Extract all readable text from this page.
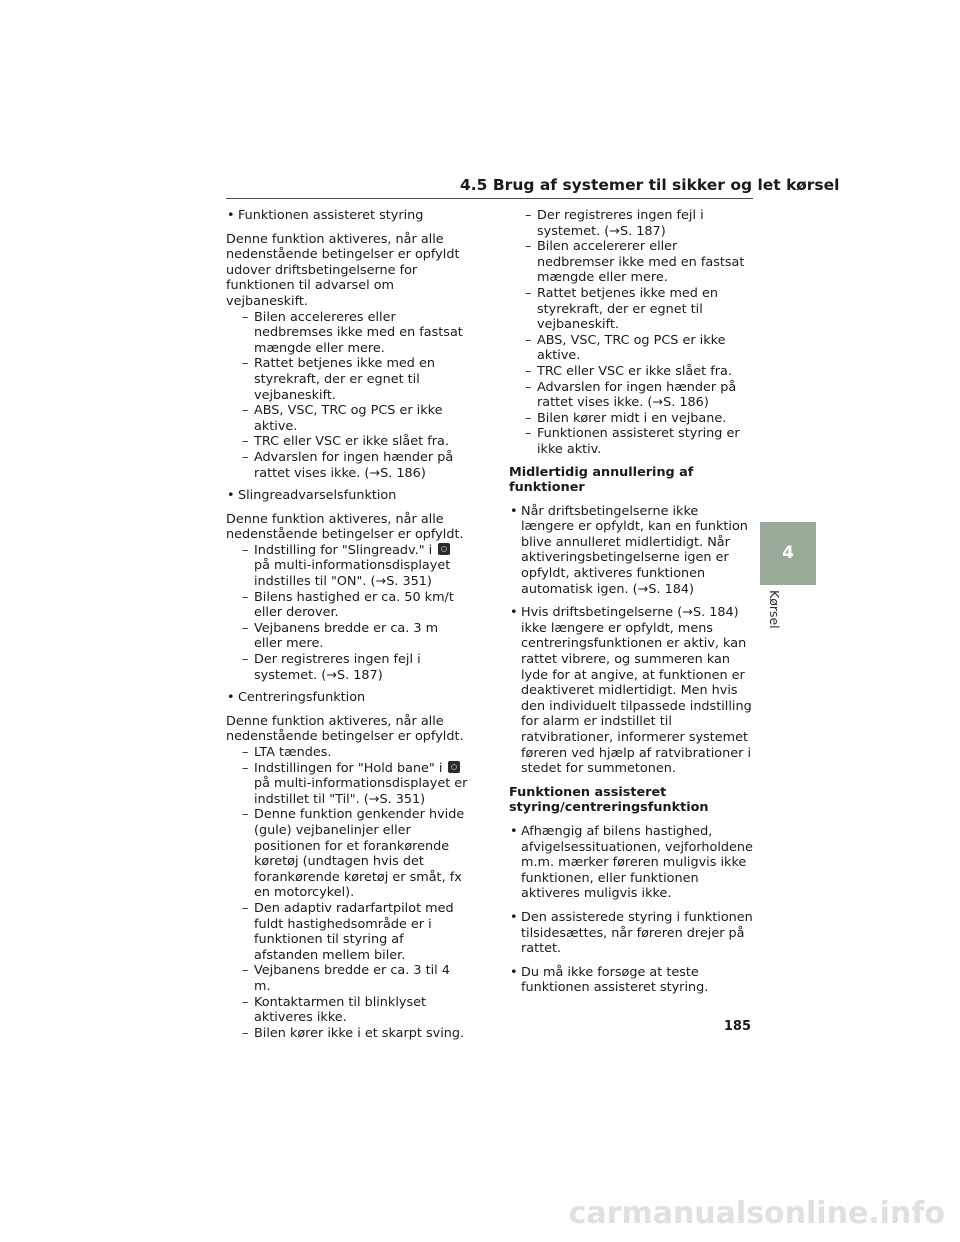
4.5 Brug af systemer til sikker og let kørsel
• Funktionen assisteret styring
Denne funktion aktiveres, når alle nedenstående betingelser er opfyldt udover driftsbetingelserne for funktionen til advarsel om vejbaneskift.
– Bilen accelereres eller nedbremses ikke med en fastsat mængde eller mere.
– Rattet betjenes ikke med en styrekraft, der er egnet til vejbaneskift.
– ABS, VSC, TRC og PCS er ikke aktive.
– TRC eller VSC er ikke slået fra.
– Advarslen for ingen hænder på rattet vises ikke. (→S. 186)
• Slingreadvarselsfunktion
Denne funktion aktiveres, når alle nedenstående betingelser er opfyldt.
– Indstilling for "Slingreadv." ipå multi-informationsdisplayet indstilles til "ON". (→S. 351)
– Bilens hastighed er ca. 50 km/t eller derover.
– Vejbanens bredde er ca. 3 m eller mere.
– Der registreres ingen fejl i systemet. (→S. 187)
• Centreringsfunktion
Denne funktion aktiveres, når alle nedenstående betingelser er opfyldt.
– LTA tændes.
– Indstillingen for "Hold bane" ipå multi-informationsdisplayet er indstillet til "Til". (→S. 351)
– Denne funktion genkender hvide (gule) vejbanelinjer eller positionen for et forankørende køretøj (undtagen hvis det forankørende køretøj er småt, fx en motorcykel).
– Den adaptiv radarfartpilot med fuldt hastighedsområde er i funktionen til styring af afstanden mellem biler.
– Vejbanens bredde er ca. 3 til 4 m.
– Kontaktarmen til blinklyset aktiveres ikke.
– Bilen kører ikke i et skarpt sving.
– Der registreres ingen fejl i systemet. (→S. 187)
– Bilen accelererer eller nedbremser ikke med en fastsat mængde eller mere.
– Rattet betjenes ikke med en styrekraft, der er egnet til vejbaneskift.
– ABS, VSC, TRC og PCS er ikke aktive.
– TRC eller VSC er ikke slået fra.
– Advarslen for ingen hænder på rattet vises ikke. (→S. 186)
– Bilen kører midt i en vejbane.
– Funktionen assisteret styring er ikke aktiv.
Midlertidig annullering af funktioner
• Når driftsbetingelserne ikke længere er opfyldt, kan en funktion blive annulleret midlertidigt. Når aktiveringsbetingelserne igen er opfyldt, aktiveres funktionen automatisk igen. (→S. 184)
• Hvis driftsbetingelserne (→S. 184) ikke længere er opfyldt, mens centreringsfunktionen er aktiv, kan rattet vibrere, og summeren kan lyde for at angive, at funktionen er deaktiveret midlertidigt. Men hvis den individuelt tilpassede indstilling for alarm er indstillet til ratvibrationer, informerer systemet føreren ved hjælp af ratvibrationer i stedet for summetonen.
Funktionen assisteret styring/centreringsfunktion
• Afhængig af bilens hastighed, afvigelsessituationen, vejforholdene m.m. mærker føreren muligvis ikke funktionen, eller funktionen aktiveres muligvis ikke.
• Den assisterede styring i funktionen tilsidesættes, når føreren drejer på rattet.
• Du må ikke forsøge at teste funktionen assisteret styring.
4
Kørsel
185
carmanualsonline.info
